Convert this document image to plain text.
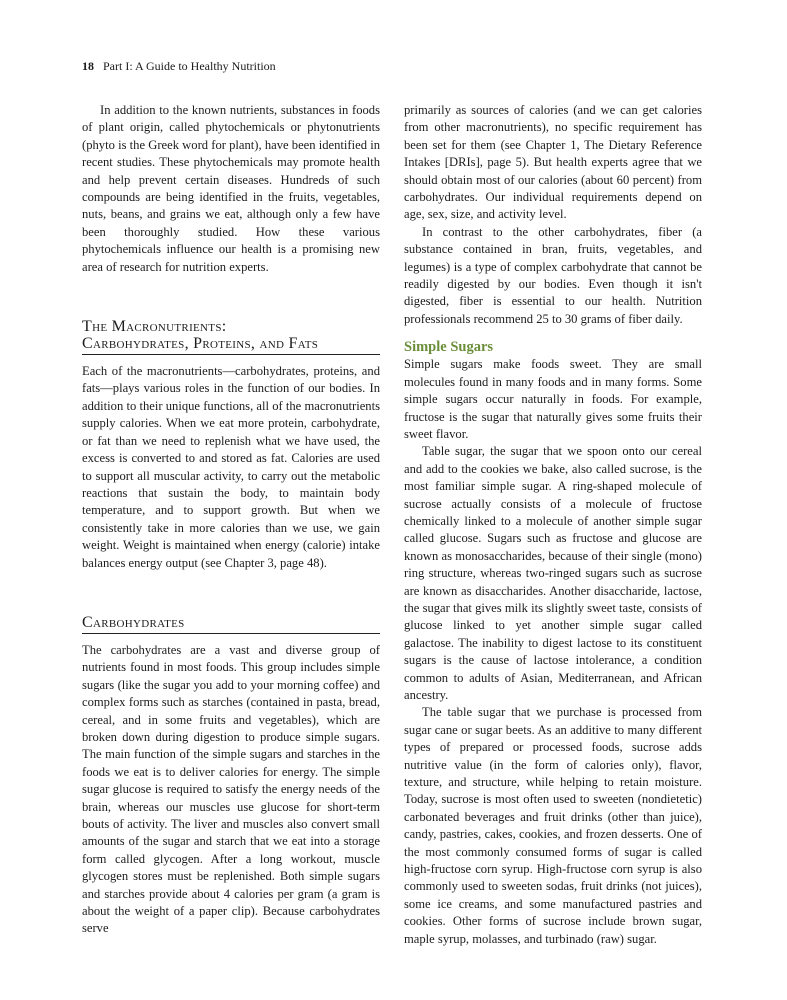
18 Part I: A Guide to Healthy Nutrition

In addition to the known nutrients, substances in foods of plant origin, called phytochemicals or phytonutrients (phyto is the Greek word for plant), have been identified in recent studies. These phytochemicals may promote health and help prevent certain diseases. Hundreds of such compounds are being identified in the fruits, vegetables, nuts, beans, and grains we eat, although only a few have been thoroughly studied. How these various phytochemicals influence our health is a promising new area of research for nutrition experts.

The Macronutrients:
Carbohydrates, Proteins, and Fats

Each of the macronutrients—carbohydrates, proteins, and fats—plays various roles in the function of our bodies. In addition to their unique functions, all of the macronutrients supply calories. When we eat more protein, carbohydrate, or fat than we need to replenish what we have used, the excess is converted to and stored as fat. Calories are used to support all muscular activity, to carry out the metabolic reactions that sustain the body, to maintain body temperature, and to support growth. But when we consistently take in more calories than we use, we gain weight. Weight is maintained when energy (calorie) intake balances energy output (see Chapter 3, page 48).

Carbohydrates

The carbohydrates are a vast and diverse group of nutrients found in most foods. This group includes simple sugars (like the sugar you add to your morning coffee) and complex forms such as starches (contained in pasta, bread, cereal, and in some fruits and vegetables), which are broken down during digestion to produce simple sugars. The main function of the simple sugars and starches in the foods we eat is to deliver calories for energy. The simple sugar glucose is required to satisfy the energy needs of the brain, whereas our muscles use glucose for short-term bouts of activity. The liver and muscles also convert small amounts of the sugar and starch that we eat into a storage form called glycogen. After a long workout, muscle glycogen stores must be replenished. Both simple sugars and starches provide about 4 calories per gram (a gram is about the weight of a paper clip). Because carbohydrates serve

primarily as sources of calories (and we can get calories from other macronutrients), no specific requirement has been set for them (see Chapter 1, The Dietary Reference Intakes [DRIs], page 5). But health experts agree that we should obtain most of our calories (about 60 percent) from carbohydrates. Our individual requirements depend on age, sex, size, and activity level.

In contrast to the other carbohydrates, fiber (a substance contained in bran, fruits, vegetables, and legumes) is a type of complex carbohydrate that cannot be readily digested by our bodies. Even though it isn't digested, fiber is essential to our health. Nutrition professionals recommend 25 to 30 grams of fiber daily.

Simple Sugars

Simple sugars make foods sweet. They are small molecules found in many foods and in many forms. Some simple sugars occur naturally in foods. For example, fructose is the sugar that naturally gives some fruits their sweet flavor.

Table sugar, the sugar that we spoon onto our cereal and add to the cookies we bake, also called sucrose, is the most familiar simple sugar. A ring-shaped molecule of sucrose actually consists of a molecule of fructose chemically linked to a molecule of another simple sugar called glucose. Sugars such as fructose and glucose are known as monosaccharides, because of their single (mono) ring structure, whereas two-ringed sugars such as sucrose are known as disaccharides. Another disaccharide, lactose, the sugar that gives milk its slightly sweet taste, consists of glucose linked to yet another simple sugar called galactose. The inability to digest lactose to its constituent sugars is the cause of lactose intolerance, a condition common to adults of Asian, Mediterranean, and African ancestry.

The table sugar that we purchase is processed from sugar cane or sugar beets. As an additive to many different types of prepared or processed foods, sucrose adds nutritive value (in the form of calories only), flavor, texture, and structure, while helping to retain moisture. Today, sucrose is most often used to sweeten (nondietetic) carbonated beverages and fruit drinks (other than juice), candy, pastries, cakes, cookies, and frozen desserts. One of the most commonly consumed forms of sugar is called high-fructose corn syrup. High-fructose corn syrup is also commonly used to sweeten sodas, fruit drinks (not juices), some ice creams, and some manufactured pastries and cookies. Other forms of sucrose include brown sugar, maple syrup, molasses, and turbinado (raw) sugar.
